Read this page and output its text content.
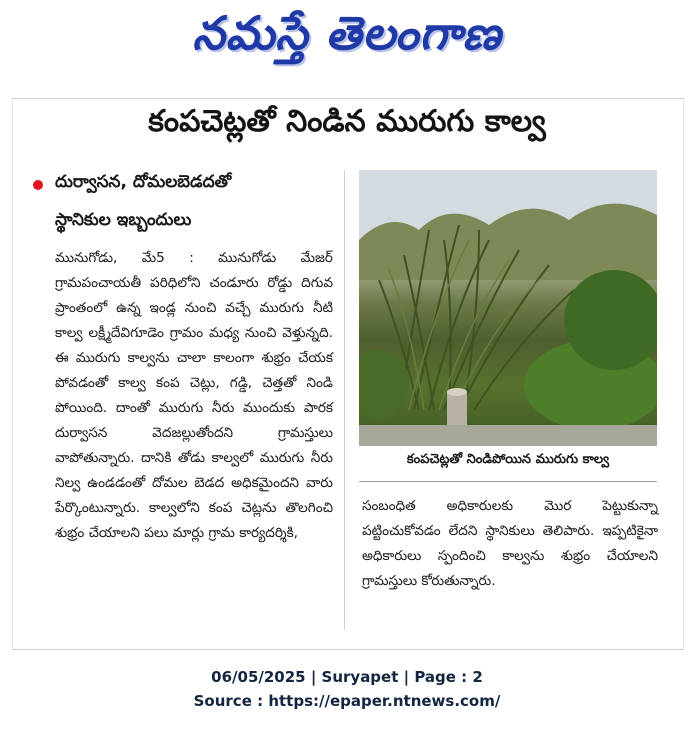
నమస్తే తెలంగాణ
కంపచెట్లతో నిండిన మురుగు కాల్వ
దుర్వాసన, దోమలబెడదతో
స్థానికుల ఇబ్బందులు

మునుగోడు, మే5 : మునుగోడు మేజర్ గ్రామపంచాయతీ పరిధిలోని చండూరు రోడ్డు దిగువ ప్రాంతంలో ఉన్న ఇండ్ల నుంచి వచ్చే మురుగు నీటి కాల్వ లక్ష్మీదేవిగూడెం గ్రామం మధ్య నుంచి వెళ్తున్నది. ఈ మురుగు కాల్వను చాలా కాలంగా శుభ్రం చేయక పోవడంతో కాల్వ కంప చెట్లు, గడ్డి, చెత్తతో నిండి పోయింది. దాంతో మురుగు నీరు ముందుకు పారక దుర్వాసన వెదజల్లుతోందని గ్రామస్తులు వాపోతున్నారు. దానికి తోడు కాల్వలో మురుగు నీరు నిల్వ ఉండడంతో దోమల బెడద అధికమైందని వారు పేర్కొంటున్నారు. కాల్వలోని కంప చెట్లను తొలగించి శుభ్రం చేయాలని పలు మార్లు గ్రామ కార్యదర్శికి,

కంపచెట్లతో నిండిపోయిన మురుగు కాల్వ

సంబంధిత అధికారులకు మొర పెట్టుకున్నా పట్టించుకోవడం లేదని స్థానికులు తెలిపారు. ఇప్పటికైనా అధికారులు స్పందించి కాల్వను శుభ్రం చేయాలని గ్రామస్తులు కోరుతున్నారు.

06/05/2025 | Suryapet | Page : 2
Source : https://epaper.ntnews.com/
